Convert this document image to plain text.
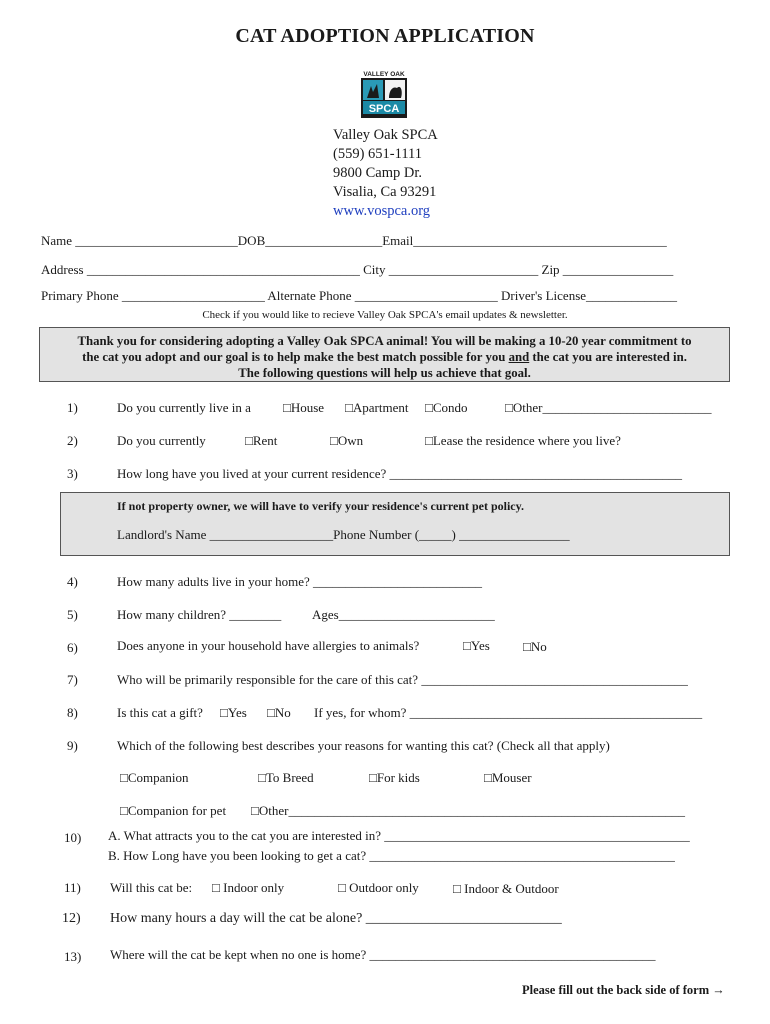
CAT ADOPTION APPLICATION
SPCA
VALLEY OAK
Valley Oak SPCA
(559) 651-1111
9800 Camp Dr.
Visalia, Ca 93291
www.vospca.org
Name _________________________DOB__________________Email_______________________________________
Address __________________________________________ City _______________________ Zip _________________
Primary Phone ______________________ Alternate Phone ______________________ Driver's License______________
Check if you would like to recieve Valley Oak SPCA's email updates & newsletter.
Thank you for considering adopting a Valley Oak SPCA animal! You will be making a 10-20 year commitment to
the cat you adopt and our goal is to help make the best match possible for you and the cat you are interested in.
The following questions will help us achieve that goal.
1)	Do you currently live in a □House □Apartment □Condo	□Other__________________________
2)	Do you currently	□Rent	□Own	□Lease the residence where you live?
3)	How long have you lived at your current residence? _____________________________________________
If not property owner, we will have to verify your residence's current pet policy.
Landlord's Name ___________________Phone Number (_____) _________________
4)	How many adults live in your home? __________________________
5)	How many children? ________ Ages________________________
6)	Does anyone in your household have allergies to animals?	□Yes	□No
7)	Who will be primarily responsible for the care of this cat? _________________________________________
8)	Is this cat a gift? □Yes □No If yes, for whom? _____________________________________________
9)	Which of the following best describes your reasons for wanting this cat? (Check all that apply)
□Companion	□To Breed	□For kids	□Mouser
□Companion for pet □Other_____________________________________________________________
10) A. What attracts you to the cat you are interested in? _______________________________________________
B. How Long have you been looking to get a cat? _______________________________________________
11) Will this cat be: □ Indoor only	□ Outdoor only	□ Indoor & Outdoor
12) How many hours a day will the cat be alone? ____________________________
13) Where will the cat be kept when no one is home? ____________________________________________
Please fill out the back side of form →
